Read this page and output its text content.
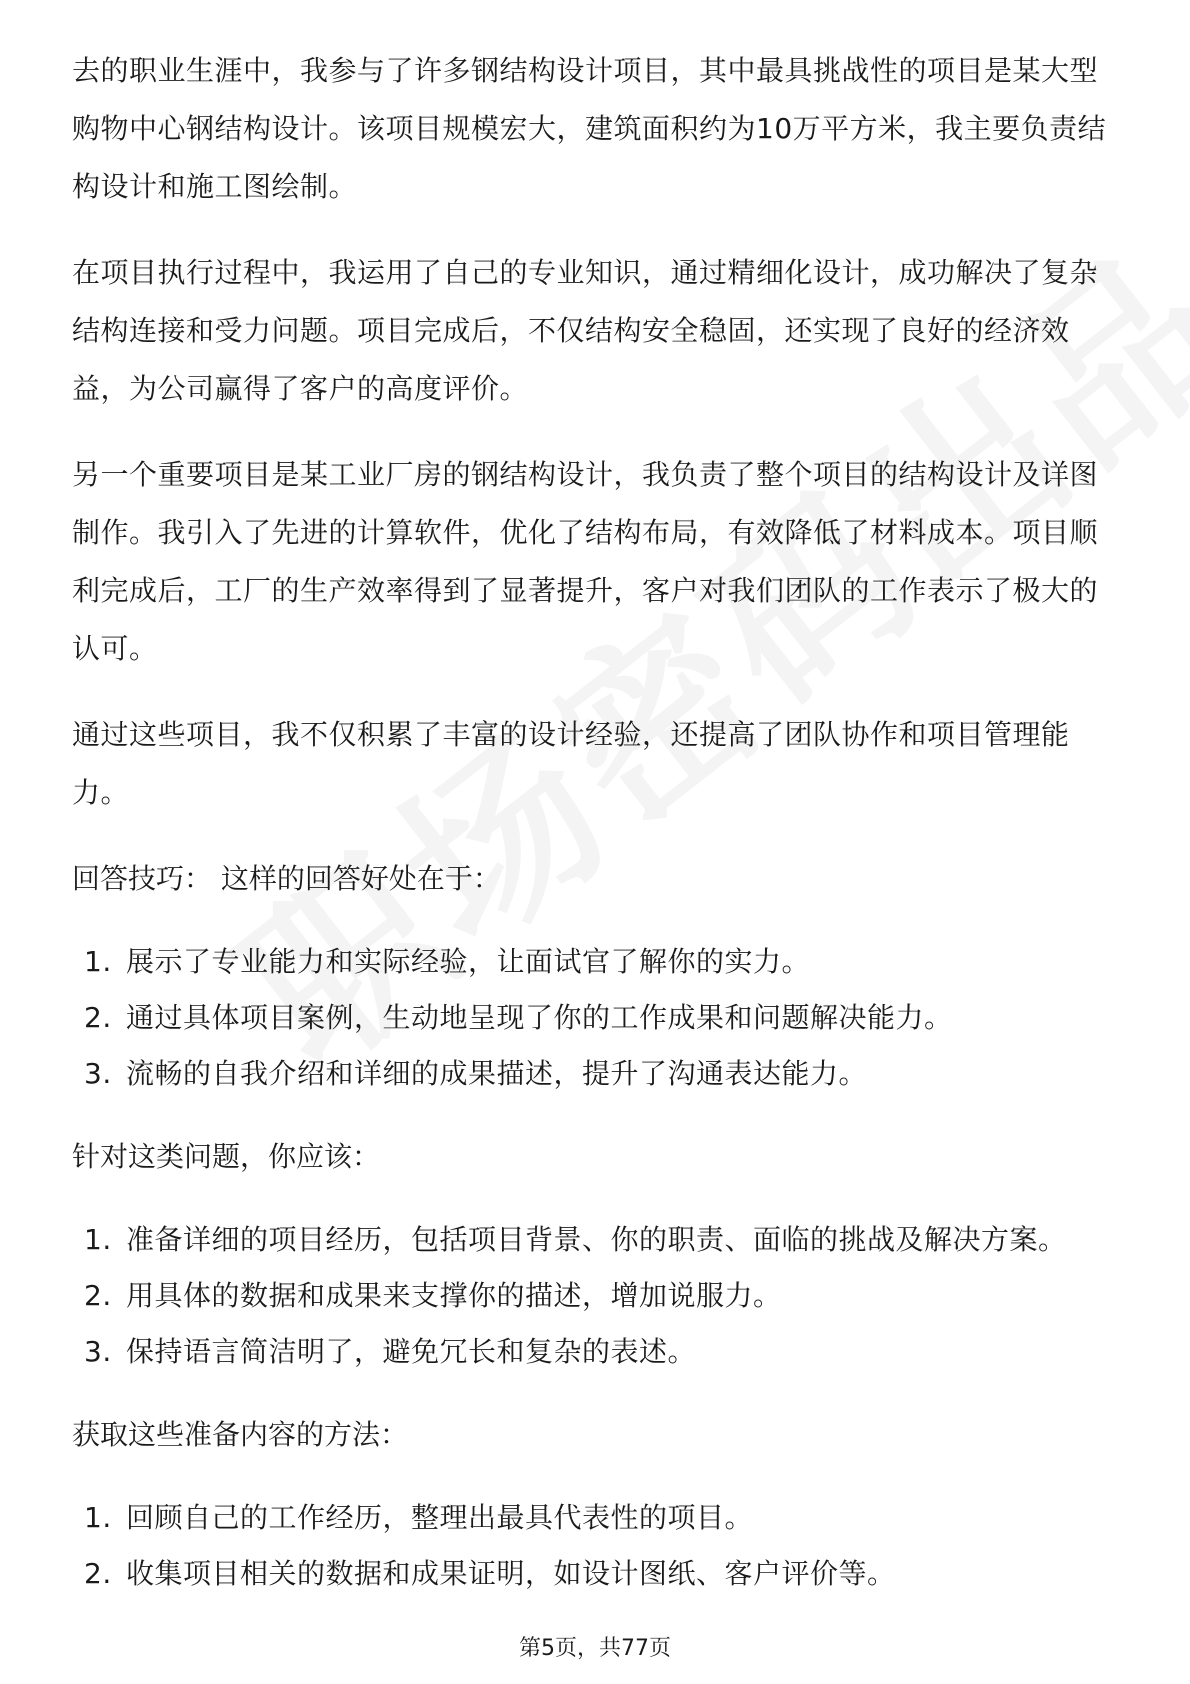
去的职业生涯中，我参与了许多钢结构设计项目，其中最具挑战性的项目是某大型购物中心钢结构设计。该项目规模宏大，建筑面积约为10万平方米，我主要负责结构设计和施工图绘制。

在项目执行过程中，我运用了自己的专业知识，通过精细化设计，成功解决了复杂结构连接和受力问题。项目完成后，不仅结构安全稳固，还实现了良好的经济效益，为公司赢得了客户的高度评价。

另一个重要项目是某工业厂房的钢结构设计，我负责了整个项目的结构设计及详图制作。我引入了先进的计算软件，优化了结构布局，有效降低了材料成本。项目顺利完成后，工厂的生产效率得到了显著提升，客户对我们团队的工作表示了极大的认可。

通过这些项目，我不仅积累了丰富的设计经验，还提高了团队协作和项目管理能力。

回答技巧： 这样的回答好处在于：
1. 展示了专业能力和实际经验，让面试官了解你的实力。
2. 通过具体项目案例，生动地呈现了你的工作成果和问题解决能力。
3. 流畅的自我介绍和详细的成果描述，提升了沟通表达能力。
针对这类问题，你应该：
1. 准备详细的项目经历，包括项目背景、你的职责、面临的挑战及解决方案。
2. 用具体的数据和成果来支撑你的描述，增加说服力。
3. 保持语言简洁明了，避免冗长和复杂的表述。
获取这些准备内容的方法：
1. 回顾自己的工作经历，整理出最具代表性的项目。
2. 收集项目相关的数据和成果证明，如设计图纸、客户评价等。
第5页，共77页
